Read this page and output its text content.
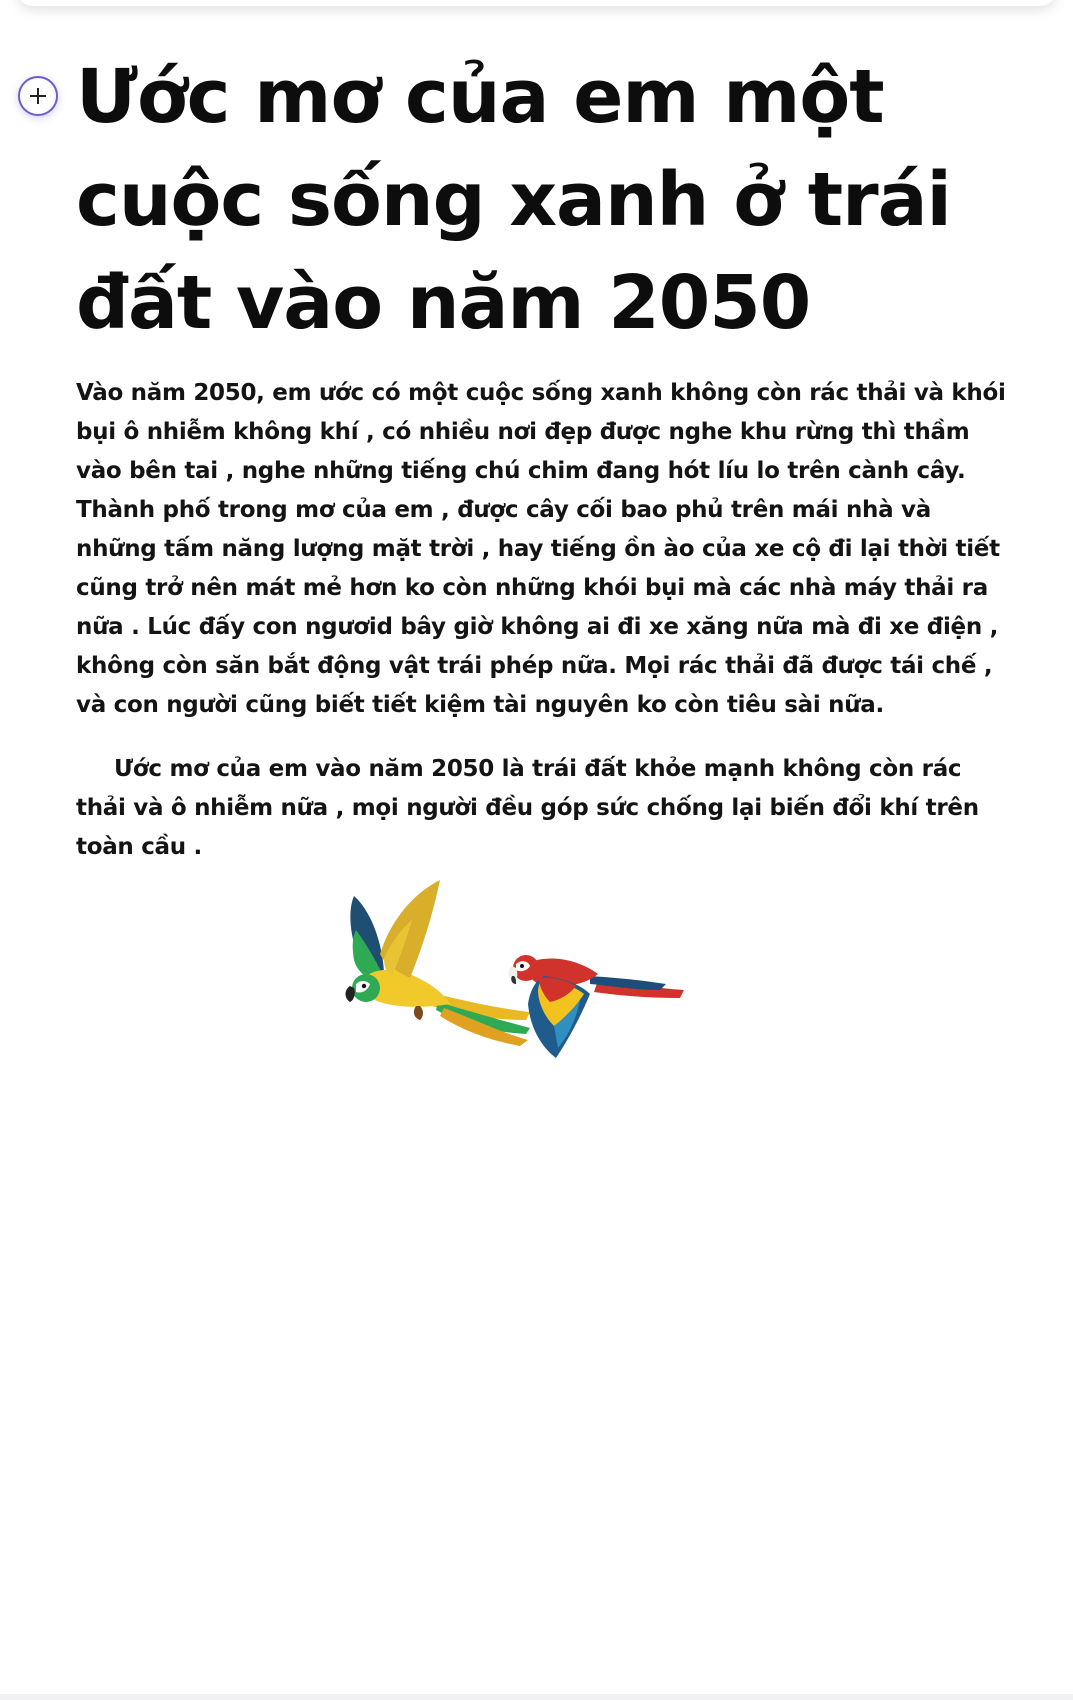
Ước mơ của em một cuộc sống xanh ở trái đất vào năm 2050

Vào năm 2050, em ước có một cuộc sống xanh không còn rác thải và khói bụi ô nhiễm không khí , có nhiều nơi đẹp được nghe khu rừng thì thầm vào bên tai , nghe những tiếng chú chim đang hót líu lo trên cành cây. Thành phố trong mơ của em , được cây cối bao phủ trên mái nhà và những tấm năng lượng mặt trời , hay tiếng ồn ào của xe cộ đi lại thời tiết cũng trở nên mát mẻ hơn ko còn những khói bụi mà các nhà máy thải ra nữa . Lúc đấy con ngươid bây giờ không ai đi xe xăng nữa mà đi xe điện , không còn săn bắt động vật trái phép nữa. Mọi rác thải đã được tái chế , và con người cũng biết tiết kiệm tài nguyên ko còn tiêu sài nữa.

Ước mơ của em vào năm 2050 là trái đất khỏe mạnh không còn rác thải và ô nhiễm nữa , mọi người đều góp sức chống lại biến đổi khí trên toàn cầu .
